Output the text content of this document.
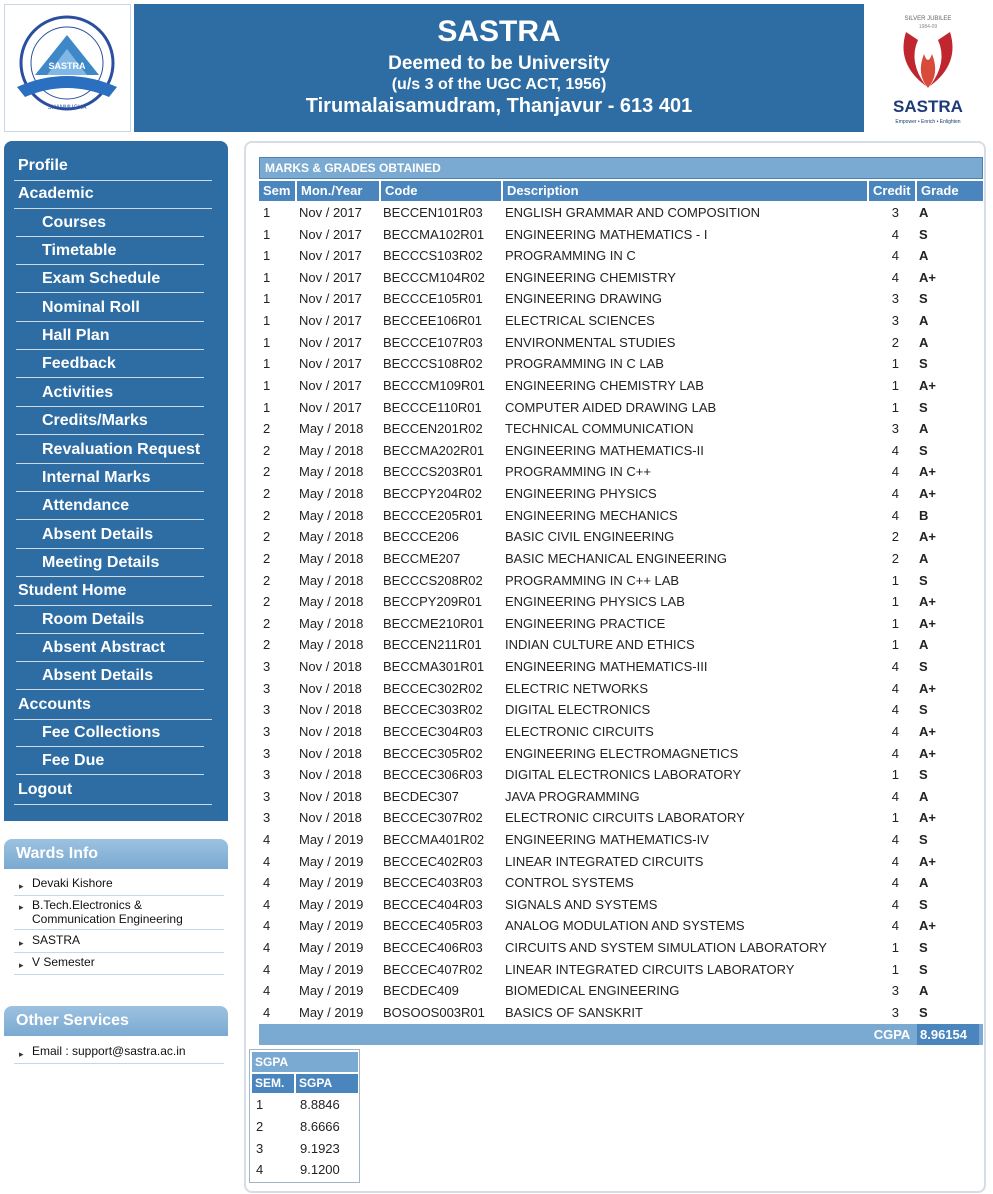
SASTRA
SHANMUGHA
SASTRA
Deemed to be University
(u/s 3 of the UGC ACT, 1956)
Tirumalaisamudram, Thanjavur - 613 401
SILVER JUBILEE
1984-09
SASTRA
Empower • Enrich • Enlighten
Profile
Academic
Courses
Timetable
Exam Schedule
Nominal Roll
Hall Plan
Feedback
Activities
Credits/Marks
Revaluation Request
Internal Marks
Attendance
Absent Details
Meeting Details
Student Home
Room Details
Absent Abstract
Absent Details
Accounts
Fee Collections
Fee Due
Logout
Wards Info
▸ Devaki Kishore
▸ B.Tech.Electronics & Communication Engineering
▸ SASTRA
▸ V Semester
Other Services
▸ Email : support@sastra.ac.in
MARKS & GRADES OBTAINED
Sem Mon./Year	Code	Description	Credit Grade
1 Nov / 2017 BECCEN101R03 ENGLISH GRAMMAR AND COMPOSITION	3 A
1 Nov / 2017 BECCMA102R01 ENGINEERING MATHEMATICS - I	4 S
1 Nov / 2017 BECCCS103R02 PROGRAMMING IN C	4 A
1 Nov / 2017 BECCCM104R02 ENGINEERING CHEMISTRY	4 A+
1 Nov / 2017 BECCCE105R01 ENGINEERING DRAWING	3 S
1 Nov / 2017 BECCEE106R01 ELECTRICAL SCIENCES	3 A
1 Nov / 2017 BECCCE107R03 ENVIRONMENTAL STUDIES	2 A
1 Nov / 2017 BECCCS108R02 PROGRAMMING IN C LAB	1 S
1 Nov / 2017 BECCCM109R01 ENGINEERING CHEMISTRY LAB	1 A+
1 Nov / 2017 BECCCE110R01 COMPUTER AIDED DRAWING LAB	1 S
2 May / 2018 BECCEN201R02 TECHNICAL COMMUNICATION	3 A
2 May / 2018 BECCMA202R01 ENGINEERING MATHEMATICS-II	4 S
2 May / 2018 BECCCS203R01 PROGRAMMING IN C++	4 A+
2 May / 2018 BECCPY204R02 ENGINEERING PHYSICS	4 A+
2 May / 2018 BECCCE205R01 ENGINEERING MECHANICS	4 B
2 May / 2018 BECCCE206	BASIC CIVIL ENGINEERING	2 A+
2 May / 2018 BECCME207	BASIC MECHANICAL ENGINEERING	2 A
2 May / 2018 BECCCS208R02 PROGRAMMING IN C++ LAB	1 S
2 May / 2018 BECCPY209R01 ENGINEERING PHYSICS LAB	1 A+
2 May / 2018 BECCME210R01 ENGINEERING PRACTICE	1 A+
2 May / 2018 BECCEN211R01 INDIAN CULTURE AND ETHICS	1 A
3 Nov / 2018 BECCMA301R01 ENGINEERING MATHEMATICS-III	4 S
3 Nov / 2018 BECCEC302R02 ELECTRIC NETWORKS	4 A+
3 Nov / 2018 BECCEC303R02 DIGITAL ELECTRONICS	4 S
3 Nov / 2018 BECCEC304R03 ELECTRONIC CIRCUITS	4 A+
3 Nov / 2018 BECCEC305R02 ENGINEERING ELECTROMAGNETICS	4 A+
3 Nov / 2018 BECCEC306R03 DIGITAL ELECTRONICS LABORATORY	1 S
3 Nov / 2018 BECDEC307	JAVA PROGRAMMING	4 A
3 Nov / 2018 BECCEC307R02 ELECTRONIC CIRCUITS LABORATORY	1 A+
4 May / 2019 BECCMA401R02 ENGINEERING MATHEMATICS-IV	4 S
4 May / 2019 BECCEC402R03 LINEAR INTEGRATED CIRCUITS	4 A+
4 May / 2019 BECCEC403R03 CONTROL SYSTEMS	4 A
4 May / 2019 BECCEC404R03 SIGNALS AND SYSTEMS	4 S
4 May / 2019 BECCEC405R03 ANALOG MODULATION AND SYSTEMS	4 A+
4 May / 2019 BECCEC406R03 CIRCUITS AND SYSTEM SIMULATION LABORATORY	1 S
4 May / 2019 BECCEC407R02 LINEAR INTEGRATED CIRCUITS LABORATORY	1 S
4 May / 2019 BECDEC409	BIOMEDICAL ENGINEERING	3 A
4 May / 2019 BOSOOS003R01 BASICS OF SANSKRIT	3 S
CGPA 8.96154
SGPA
SEM.	SGPA
1	8.8846
2	8.6666
3	9.1923
4	9.1200
